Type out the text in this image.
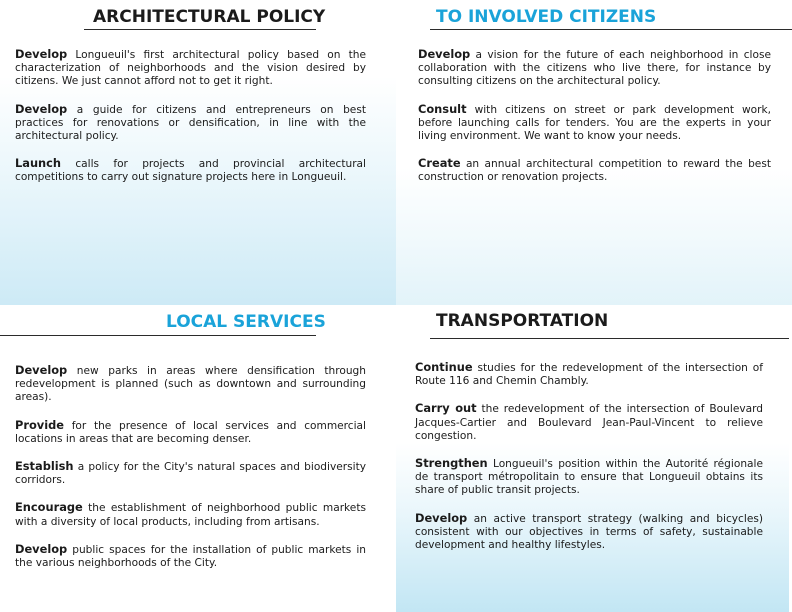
ARCHITECTURAL POLICY
Develop Longueuil's first architectural policy based on the characterization of neighborhoods and the vision desired by citizens. We just cannot afford not to get it right.
Develop a guide for citizens and entrepreneurs on best practices for renovations or densification, in line with the architectural policy.
Launch calls for projects and provincial architectural competitions to carry out signature projects here in Longueuil.
TO INVOLVED CITIZENS
Develop a vision for the future of each neighborhood in close collaboration with the citizens who live there, for instance by consulting citizens on the architectural policy.
Consult with citizens on street or park development work, before launching calls for tenders. You are the experts in your living environment. We want to know your needs.
Create an annual architectural competition to reward the best construction or renovation projects.
LOCAL SERVICES
Develop new parks in areas where densification through redevelopment is planned (such as downtown and surrounding areas).
Provide for the presence of local services and commercial locations in areas that are becoming denser.
Establish a policy for the City's natural spaces and biodiversity corridors.
Encourage the establishment of neighborhood public markets with a diversity of local products, including from artisans.
Develop public spaces for the installation of public markets in the various neighborhoods of the City.
TRANSPORTATION
Continue studies for the redevelopment of the intersection of Route 116 and Chemin Chambly.
Carry out the redevelopment of the intersection of Boulevard Jacques-Cartier and Boulevard Jean-Paul-Vincent to relieve congestion.
Strengthen Longueuil's position within the Autorité régionale de transport métropolitain to ensure that Longueuil obtains its share of public transit projects.
Develop an active transport strategy (walking and bicycles) consistent with our objectives in terms of safety, sustainable development and healthy lifestyles.
